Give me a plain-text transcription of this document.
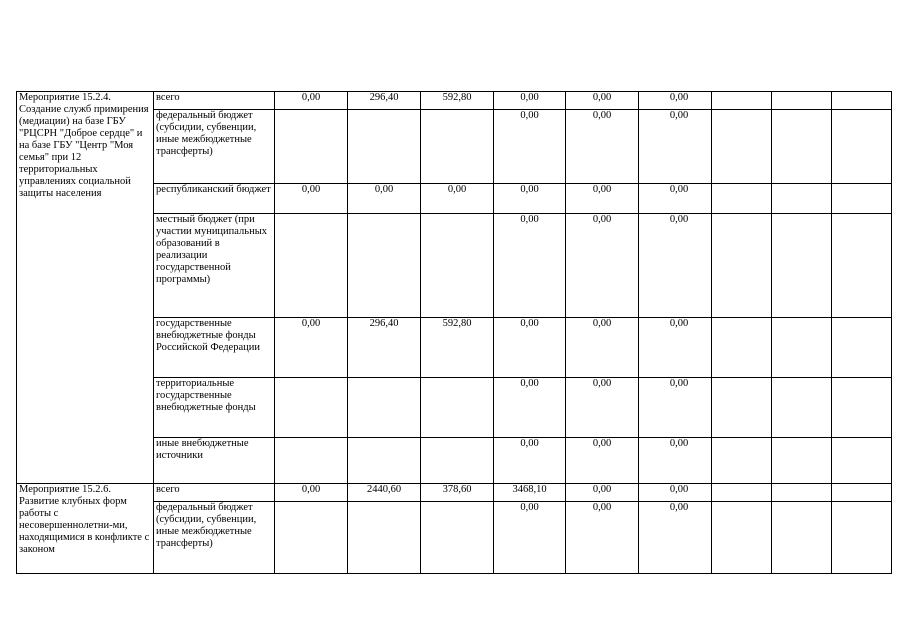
Мероприятие 15.2.4. Создание служб примирения (медиации) на базе ГБУ "РЦСРН "Доброе сердце" и на базе ГБУ "Центр "Моя семья" при 12 территориальных управлениях социальной защиты населения	всего	0,00	296,40	592,80	0,00	0,00	0,00			
	федеральный бюджет (субсидии, субвенции, иные межбюджетные трансферты)				0,00	0,00	0,00			
	республиканский бюджет	0,00	0,00	0,00	0,00	0,00	0,00			
	местный бюджет (при участии муниципальных образований в реализации государственной программы)				0,00	0,00	0,00			
	государственные внебюджетные фонды Российской Федерации	0,00	296,40	592,80	0,00	0,00	0,00			
	территориальные государственные внебюджетные фонды				0,00	0,00	0,00			
	иные внебюджетные источники				0,00	0,00	0,00			
Мероприятие 15.2.6. Развитие клубных форм работы с несовершеннолетни-ми, находящимися в конфликте с законом	всего	0,00	2440,60	378,60	3468,10	0,00	0,00			
	федеральный бюджет (субсидии, субвенции, иные межбюджетные трансферты)				0,00	0,00	0,00			
